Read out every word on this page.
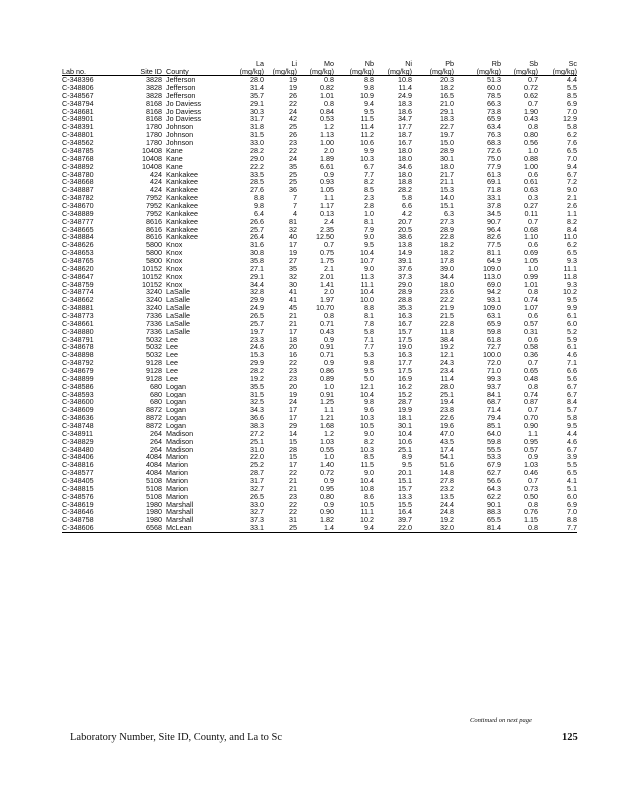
			La	Li	Mo	Nb	Ni	Pb	Rb	Sb	Sc
Lab no.	Site ID	County	(mg/kg)	(mg/kg)	(mg/kg)	(mg/kg)	(mg/kg)	(mg/kg)	(mg/kg)	(mg/kg)	(mg/kg)
C-348396	3828	Jefferson	28.0	19	0.8	8.8	10.8	20.3	51.3	0.7	4.4
C-348806	3828	Jefferson	31.4	19	0.82	9.8	11.4	18.2	60.0	0.72	5.5
C-348567	3828	Jefferson	35.7	26	1.01	10.9	24.9	16.5	78.5	0.62	8.5
C-348794	8168	Jo Daviess	29.1	22	0.8	9.4	18.3	21.0	66.3	0.7	6.9
C-348681	8168	Jo Daviess	30.3	24	0.84	9.5	18.6	29.1	73.8	1.90	7.0
C-348901	8168	Jo Daviess	31.7	42	0.53	11.5	34.7	18.3	65.9	0.43	12.9
C-348391	1780	Johnson	31.8	25	1.2	11.4	17.7	22.7	63.4	0.8	5.8
C-348801	1780	Johnson	31.5	26	1.13	11.2	18.7	19.7	76.3	0.80	6.2
C-348562	1780	Johnson	33.0	23	1.00	10.6	16.7	15.0	68.3	0.56	7.6
C-348785	10408	Kane	28.2	22	2.0	9.9	18.0	28.9	72.6	1.0	6.5
C-348768	10408	Kane	29.0	24	1.89	10.3	18.0	30.1	75.0	0.88	7.0
C-348892	10408	Kane	22.2	35	6.61	6.7	34.6	18.0	77.9	1.00	9.4
C-348780	424	Kankakee	33.5	25	0.9	7.7	18.0	21.7	61.3	0.6	6.7
C-348668	424	Kankakee	28.5	25	0.93	8.2	18.8	21.1	69.1	0.61	7.2
C-348887	424	Kankakee	27.6	36	1.05	8.5	28.2	15.3	71.8	0.63	9.0
C-348782	7952	Kankakee	8.8	7	1.1	2.3	5.8	14.0	33.1	0.3	2.1
C-348670	7952	Kankakee	9.8	7	1.17	2.8	6.6	15.1	37.8	0.27	2.6
C-348889	7952	Kankakee	6.4	4	0.13	1.0	4.2	6.3	34.5	0.11	1.1
C-348777	8616	Kankakee	26.6	81	2.4	8.1	20.7	27.3	90.7	0.7	8.2
C-348665	8616	Kankakee	25.7	32	2.35	7.9	20.5	28.9	96.4	0.68	8.4
C-348884	8616	Kankakee	26.4	40	12.50	9.0	38.6	22.8	82.6	1.10	11.0
C-348626	5800	Knox	31.6	17	0.7	9.5	13.8	18.2	77.5	0.6	6.2
C-348653	5800	Knox	30.8	19	0.75	10.4	14.9	18.2	81.1	0.69	6.5
C-348765	5800	Knox	35.8	27	1.75	10.7	39.1	17.8	64.9	1.05	9.3
C-348620	10152	Knox	27.1	35	2.1	9.0	37.6	39.0	109.0	1.0	11.1
C-348647	10152	Knox	29.1	32	2.01	11.3	37.3	34.4	113.0	0.99	11.8
C-348759	10152	Knox	34.4	30	1.41	11.1	29.0	18.0	69.0	1.01	9.3
C-348774	3240	LaSalle	32.8	41	2.0	10.4	28.9	23.6	94.2	0.8	10.2
C-348662	3240	LaSalle	29.9	41	1.97	10.0	28.8	22.2	93.1	0.74	9.5
C-348881	3240	LaSalle	24.9	45	10.70	8.8	35.3	21.9	109.0	1.07	9.9
C-348773	7336	LaSalle	26.5	21	0.8	8.1	16.3	21.5	63.1	0.6	6.1
C-348661	7336	LaSalle	25.7	21	0.71	7.8	16.7	22.8	65.9	0.57	6.0
C-348880	7336	LaSalle	19.7	17	0.43	5.8	15.7	11.8	59.8	0.31	5.2
C-348791	5032	Lee	23.3	18	0.9	7.1	17.5	38.4	61.8	0.6	5.9
C-348678	5032	Lee	24.6	20	0.91	7.7	19.0	19.2	72.7	0.58	6.1
C-348898	5032	Lee	15.3	16	0.71	5.3	16.3	12.1	100.0	0.36	4.6
C-348792	9128	Lee	29.9	22	0.9	9.8	17.7	24.3	72.0	0.7	7.1
C-348679	9128	Lee	28.2	23	0.86	9.5	17.5	23.4	71.0	0.65	6.6
C-348899	9128	Lee	19.2	23	0.89	5.0	16.9	11.4	99.3	0.48	5.6
C-348586	680	Logan	35.5	20	1.0	12.1	16.2	28.0	93.7	0.8	6.7
C-348593	680	Logan	31.5	19	0.91	10.4	15.2	25.1	84.1	0.74	6.7
C-348600	680	Logan	32.5	24	1.25	9.8	28.7	19.4	68.7	0.87	8.4
C-348609	8872	Logan	34.3	17	1.1	9.6	19.9	23.8	71.4	0.7	5.7
C-348636	8872	Logan	36.6	17	1.21	10.3	18.1	22.6	79.4	0.70	5.8
C-348748	8872	Logan	38.3	29	1.68	10.5	30.1	19.6	85.1	0.90	9.5
C-348911	264	Madison	27.2	14	1.2	9.0	10.4	47.0	64.0	1.1	4.4
C-348829	264	Madison	25.1	15	1.03	8.2	10.6	43.5	59.8	0.95	4.6
C-348480	264	Madison	31.0	28	0.55	10.3	25.1	17.4	55.5	0.57	6.7
C-348406	4084	Marion	22.0	15	1.0	8.5	8.9	54.1	53.3	0.9	3.9
C-348816	4084	Marion	25.2	17	1.40	11.5	9.5	51.6	67.9	1.03	5.5
C-348577	4084	Marion	28.7	22	0.72	9.0	20.1	14.8	62.7	0.46	6.5
C-348405	5108	Marion	31.7	21	0.9	10.4	15.1	27.8	56.6	0.7	4.1
C-348815	5108	Marion	32.7	21	0.95	10.8	15.7	23.2	64.3	0.73	5.1
C-348576	5108	Marion	26.5	23	0.80	8.6	13.3	13.5	62.2	0.50	6.0
C-348619	1980	Marshall	33.0	22	0.9	10.5	15.5	24.4	90.1	0.8	6.9
C-348646	1980	Marshall	32.7	22	0.90	11.1	16.4	24.8	88.3	0.76	7.0
C-348758	1980	Marshall	37.3	31	1.82	10.2	39.7	19.2	65.5	1.15	8.8
C-348606	6568	McLean	33.1	25	1.4	9.4	22.0	32.0	81.4	0.8	7.7
Continued on next page
Laboratory Number, Site ID, County, and La to Sc	125
